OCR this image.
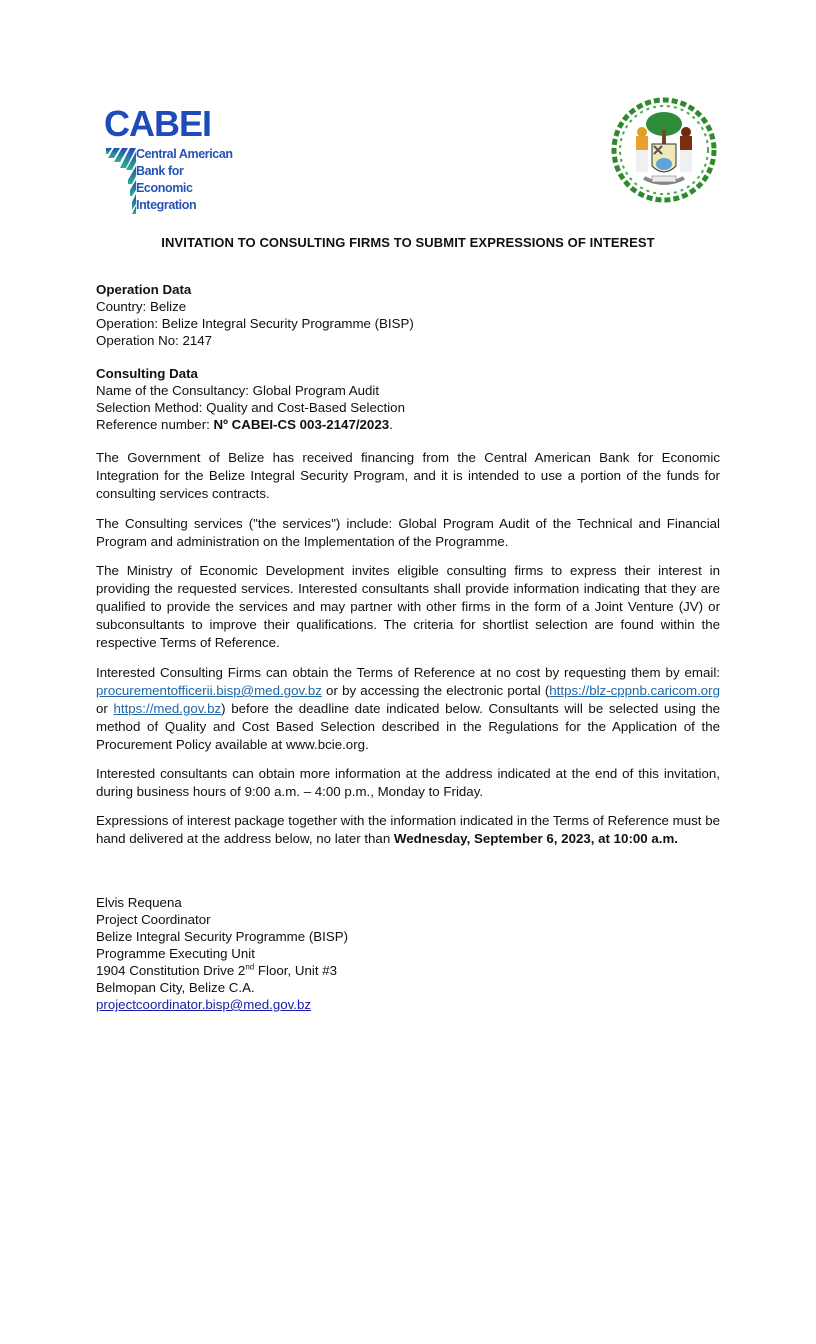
CABEI
Central American
Bank for
Economic
Integration
INVITATION TO CONSULTING FIRMS TO SUBMIT EXPRESSIONS OF INTEREST

Operation Data

Country: Belize

Operation: Belize Integral Security Programme (BISP)

Operation No: 2147

Consulting Data

Name of the Consultancy: Global Program Audit

Selection Method: Quality and Cost-Based Selection

Reference number: Nº CABEI-CS 003-2147/2023.

The Government of Belize has received financing from the Central American Bank for Economic Integration for the Belize Integral Security Program, and it is intended to use a portion of the funds for consulting services contracts.

The Consulting services ("the services") include: Global Program Audit of the Technical and Financial Program and administration on the Implementation of the Programme.

The Ministry of Economic Development invites eligible consulting firms to express their interest in providing the requested services. Interested consultants shall provide information indicating that they are qualified to provide the services and may partner with other firms in the form of a Joint Venture (JV) or subconsultants to improve their qualifications. The criteria for shortlist selection are found within the respective Terms of Reference.

Interested Consulting Firms can obtain the Terms of Reference at no cost by requesting them by email: procurementofficerii.bisp@med.gov.bz or by accessing the electronic portal (https://blz-cppnb.caricom.org or https://med.gov.bz) before the deadline date indicated below. Consultants will be selected using the method of Quality and Cost Based Selection described in the Regulations for the Application of the Procurement Policy available at www.bcie.org.

Interested consultants can obtain more information at the address indicated at the end of this invitation, during business hours of 9:00 a.m. – 4:00 p.m., Monday to Friday.

Expressions of interest package together with the information indicated in the Terms of Reference must be hand delivered at the address below, no later than Wednesday, September 6, 2023, at 10:00 a.m.

Elvis Requena

Project Coordinator

Belize Integral Security Programme (BISP)

Programme Executing Unit

1904 Constitution Drive 2nd Floor, Unit #3

Belmopan City, Belize C.A.

projectcoordinator.bisp@med.gov.bz
